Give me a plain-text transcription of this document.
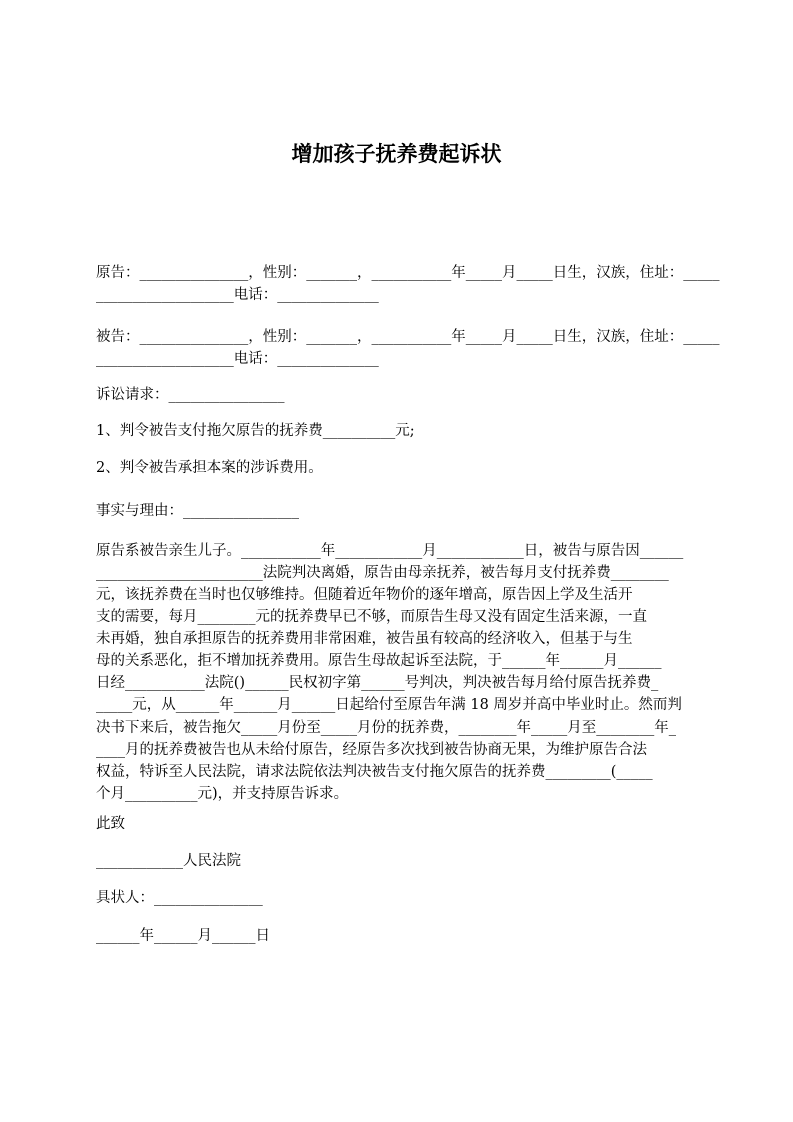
增加孩子抚养费起诉状
原告：_______________，性别：_______，___________年_____月_____日生，汉族，住址：_____
___________________电话：______________
被告：_______________，性别：_______，___________年_____月_____日生，汉族，住址：_____
___________________电话：______________
诉讼请求：________________
1、判令被告支付拖欠原告的抚养费__________元;
2、判令被告承担本案的涉诉费用。
事实与理由：________________
原告系被告亲生儿子。___________年____________月____________日，被告与原告因______
_______________________法院判决离婚，原告由母亲抚养，被告每月支付抚养费________
元，该抚养费在当时也仅够维持。但随着近年物价的逐年增高，原告因上学及生活开
支的需要，每月________元的抚养费早已不够，而原告生母又没有固定生活来源，一直
未再婚，独自承担原告的抚养费用非常困难，被告虽有较高的经济收入，但基于与生
母的关系恶化，拒不增加抚养费用。原告生母故起诉至法院，于______年______月______
日经___________法院()______民权初字第______号判决，判决被告每月给付原告抚养费_
_____元，从______年______月______日起给付至原告年满 18 周岁并高中毕业时止。然而判
决书下来后，被告拖欠_____月份至_____月份的抚养费，________年_____月至________年_
____月的抚养费被告也从未给付原告，经原告多次找到被告协商无果，为维护原告合法
权益，特诉至人民法院，请求法院依法判决被告支付拖欠原告的抚养费_________(_____
个月__________元)，并支持原告诉求。
此致
____________人民法院
具状人：_______________
______年______月______日
